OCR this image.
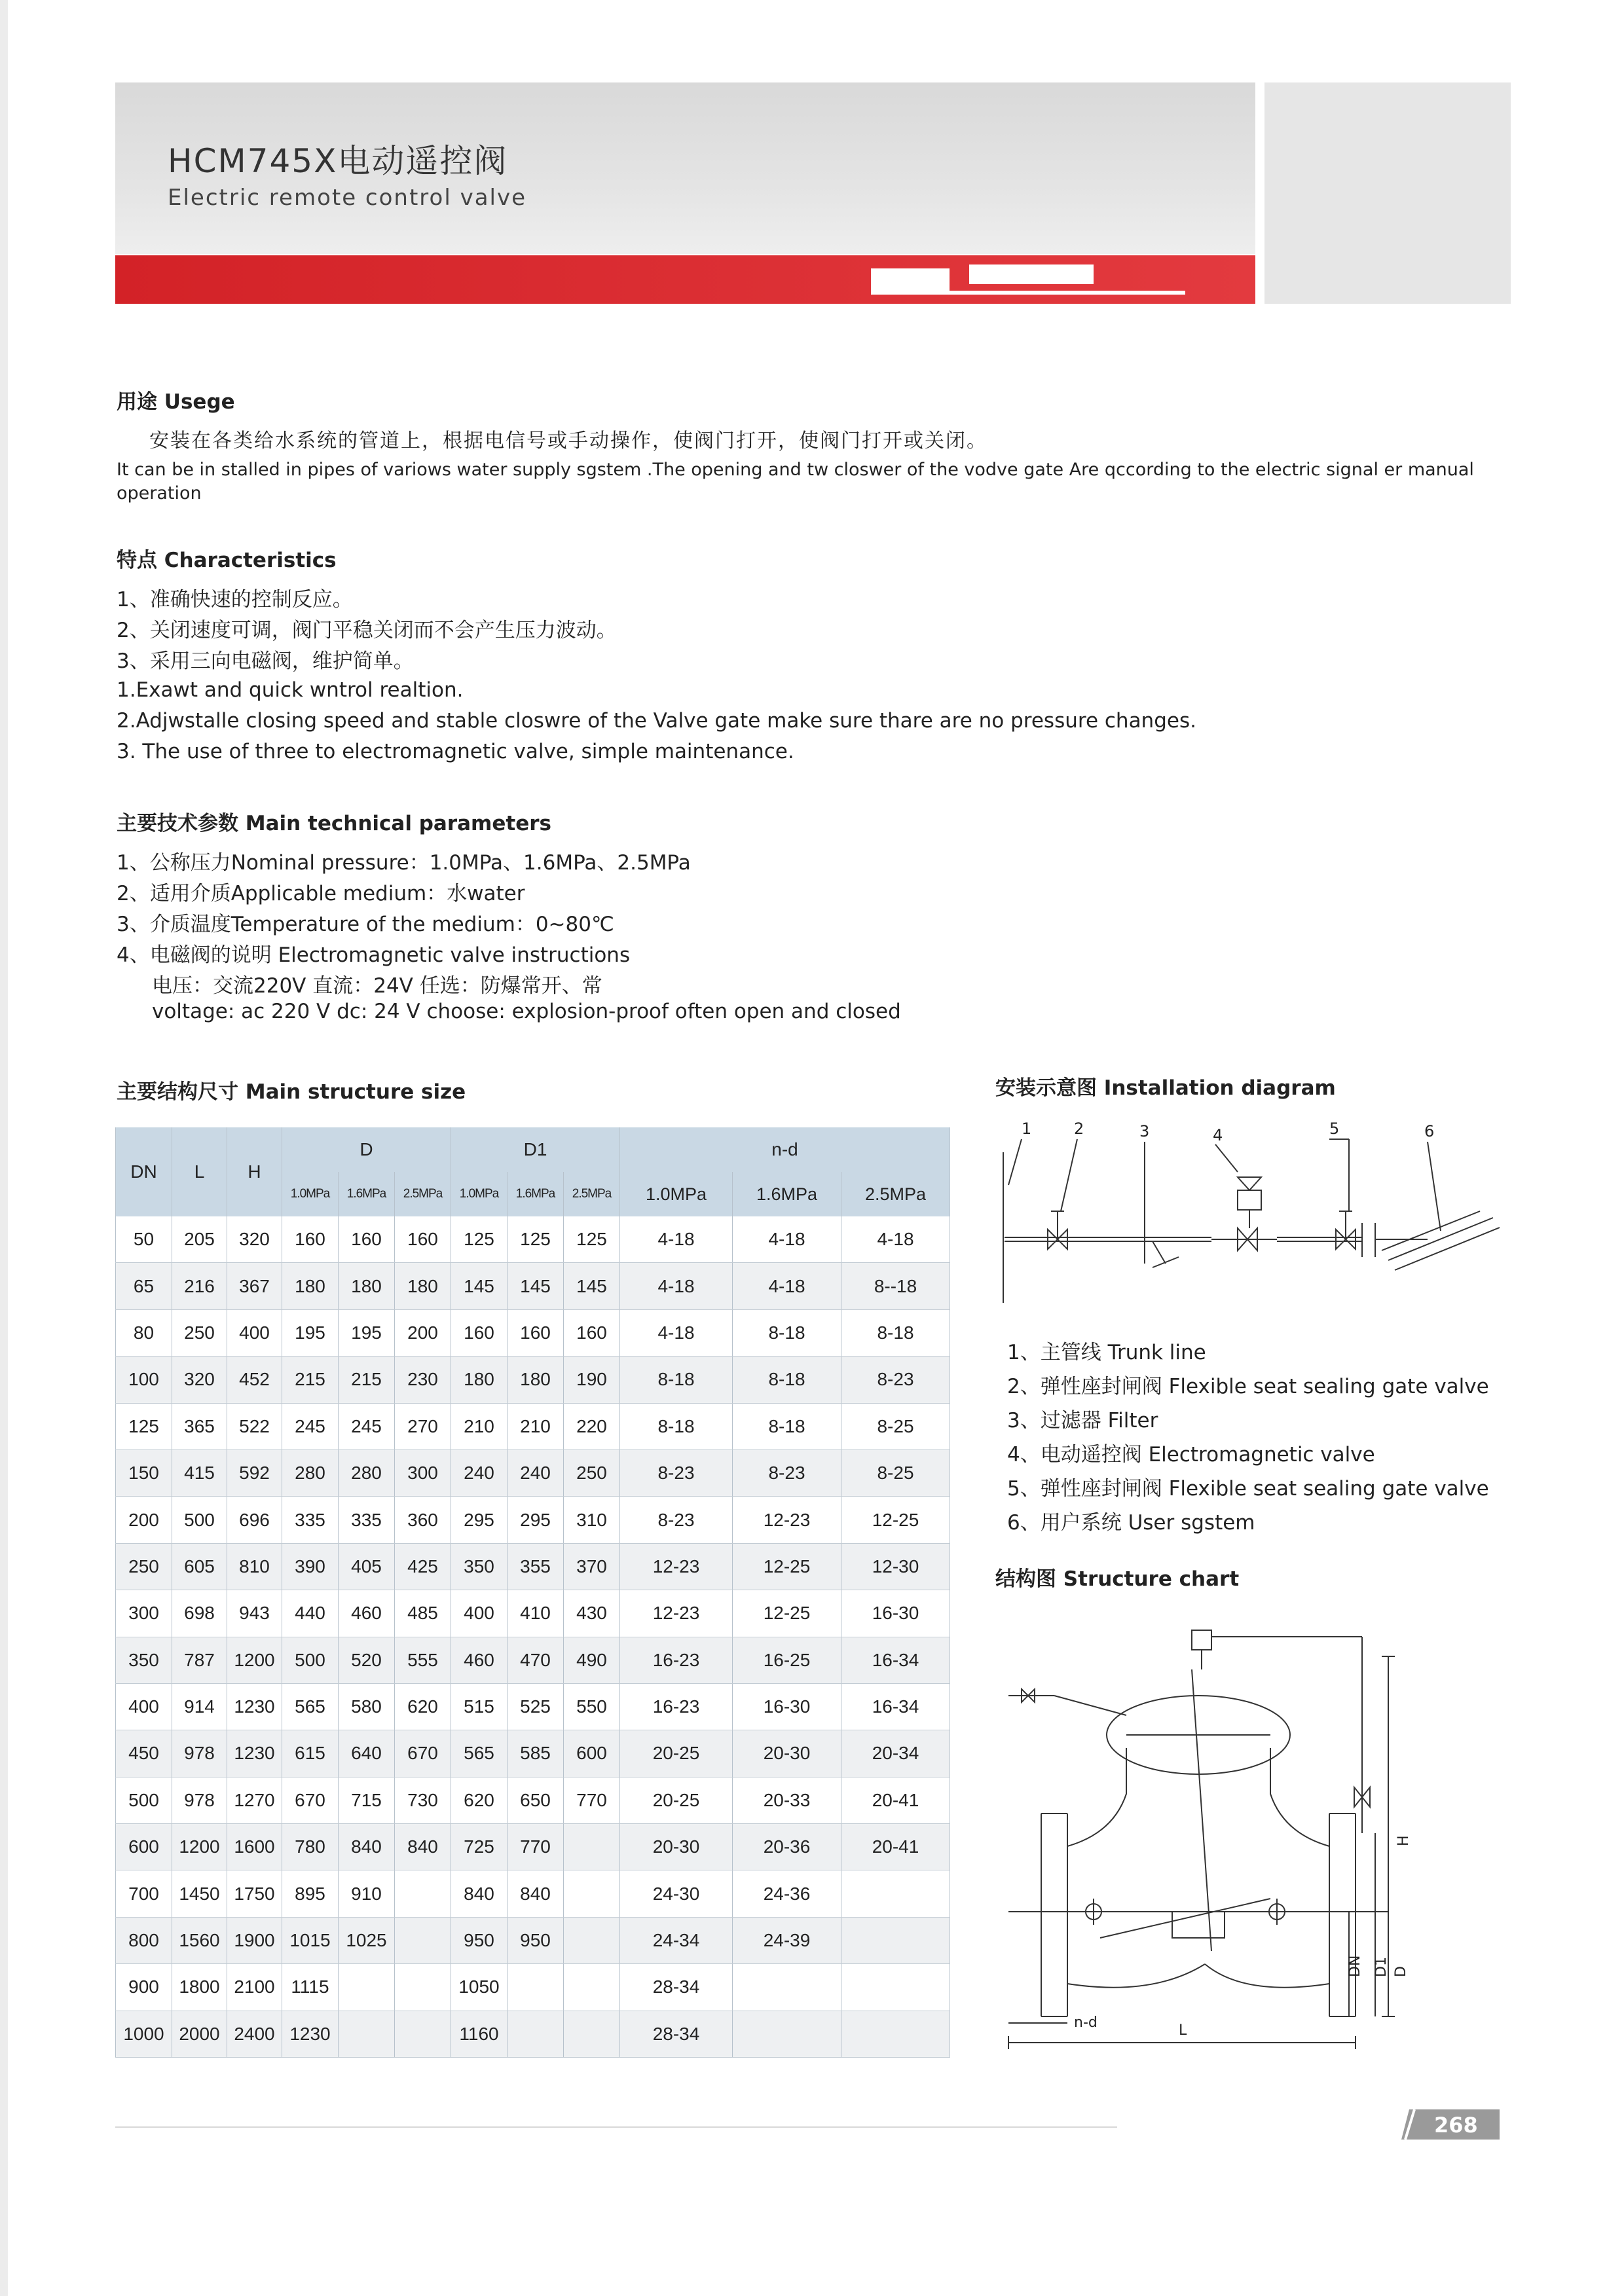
HCM745X电动遥控阀
Electric remote control valve
用途 Usege
安装在各类给水系统的管道上，根据电信号或手动操作，使阀门打开，使阀门打开或关闭。
It can be in stalled in pipes of variows water supply sgstem .The opening and tw closwer of the vodve gate Are qccording to the electric signal er manual
operation
特点 Characteristics
1、准确快速的控制反应。
2、关闭速度可调，阀门平稳关闭而不会产生压力波动。
3、采用三向电磁阀，维护简单。
1.Exawt and quick wntrol realtion.
2.Adjwstalle closing speed and stable closwre of the Valve gate make sure thare are no pressure changes.
3. The use of three to electromagnetic valve, simple maintenance.
主要技术参数 Main technical parameters
1、公称压力Nominal pressure：1.0MPa、1.6MPa、2.5MPa
2、适用介质Applicable medium：水water
3、介质温度Temperature of the medium：0~80℃
4、电磁阀的说明 Electromagnetic valve instructions
电压：交流220V 直流：24V 任选：防爆常开、常
voltage: ac 220 V dc: 24 V choose: explosion-proof often open and closed
主要结构尺寸 Main structure size
DN	L	H	D			D1			n-d		
			1.0MPa	1.6MPa	2.5MPa	1.0MPa	1.6MPa	2.5MPa	1.0MPa	1.6MPa	2.5MPa
50	205	320	160	160	160	125	125	125	4-18	4-18	4-18
65	216	367	180	180	180	145	145	145	4-18	4-18	8--18
80	250	400	195	195	200	160	160	160	4-18	8-18	8-18
100	320	452	215	215	230	180	180	190	8-18	8-18	8-23
125	365	522	245	245	270	210	210	220	8-18	8-18	8-25
150	415	592	280	280	300	240	240	250	8-23	8-23	8-25
200	500	696	335	335	360	295	295	310	8-23	12-23	12-25
250	605	810	390	405	425	350	355	370	12-23	12-25	12-30
300	698	943	440	460	485	400	410	430	12-23	12-25	16-30
350	787	1200	500	520	555	460	470	490	16-23	16-25	16-34
400	914	1230	565	580	620	515	525	550	16-23	16-30	16-34
450	978	1230	615	640	670	565	585	600	20-25	20-30	20-34
500	978	1270	670	715	730	620	650	770	20-25	20-33	20-41
600	1200	1600	780	840	840	725	770		20-30	20-36	20-41
700	1450	1750	895	910		840	840		24-30	24-36	
800	1560	1900	1015	1025		950	950		24-34	24-39	
900	1800	2100	1115			1050			28-34		
1000	2000	2400	1230			1160			28-34		
安装示意图 Installation diagram
1	2	3	4	5	6
1、主管线 Trunk line
2、弹性座封闸阀 Flexible seat sealing gate valve
3、过滤器 Filter
4、电动遥控阀 Electromagnetic valve
5、弹性座封闸阀 Flexible seat sealing gate valve
6、用户系统 User sgstem
结构图 Structure chart
H
DN D1 D
n-d	L
268
